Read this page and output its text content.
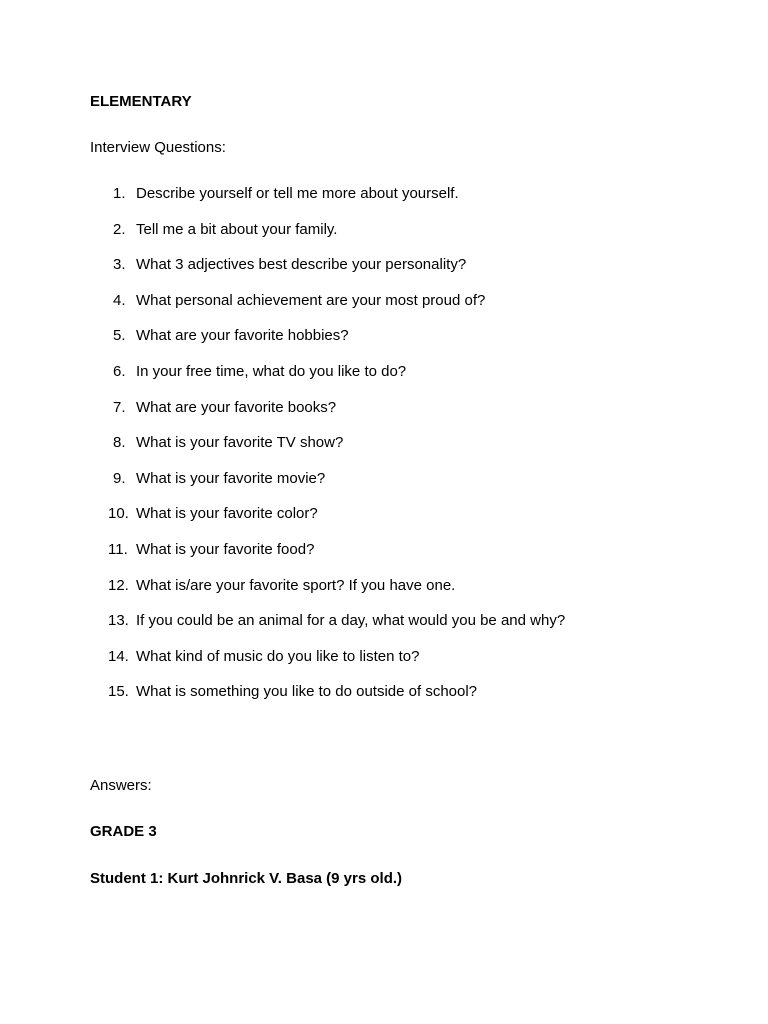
ELEMENTARY
Interview Questions:
1. Describe yourself or tell me more about yourself.
2. Tell me a bit about your family.
3. What 3 adjectives best describe your personality?
4. What personal achievement are your most proud of?
5. What are your favorite hobbies?
6. In your free time, what do you like to do?
7. What are your favorite books?
8. What is your favorite TV show?
9. What is your favorite movie?
10. What is your favorite color?
11. What is your favorite food?
12. What is/are your favorite sport? If you have one.
13. If you could be an animal for a day, what would you be and why?
14. What kind of music do you like to listen to?
15. What is something you like to do outside of school?
Answers:
GRADE 3
Student 1: Kurt Johnrick V. Basa (9 yrs old.)
